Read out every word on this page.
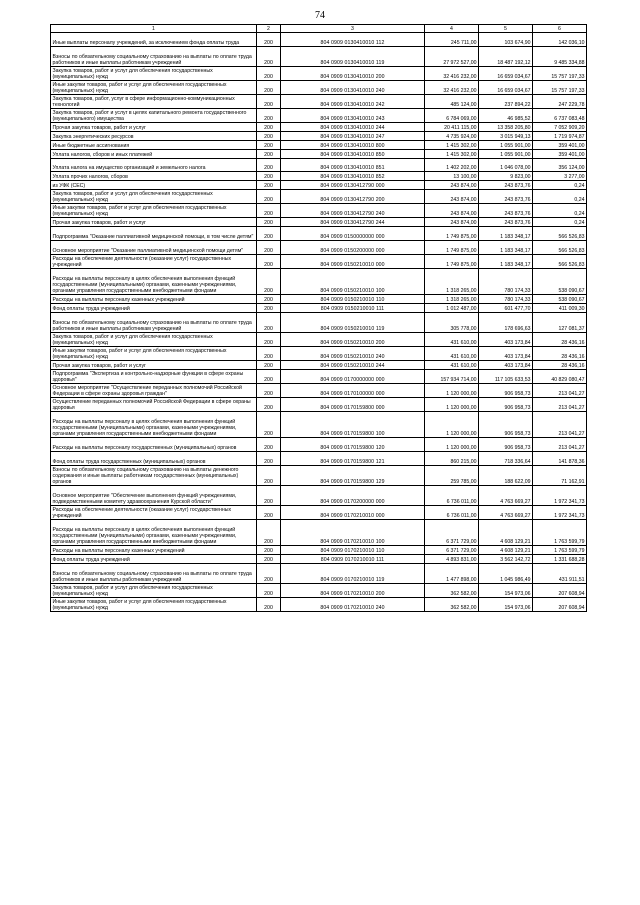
74
1	2	3	4	5	6
Иные выплаты персоналу учреждений, за исключением фонда оплаты труда	200	804 0909 0130410010 112	245 711,00	103 674,90	142 036,10
Взносы по обязательному социальному страхованию на выплаты по оплате труда работников и иные выплаты работникам учреждений	200	804 0909 0130410010 119	27 972 527,00	18 487 192,12	9 485 334,88
Закупка товаров, работ и услуг для обеспечения государственных (муниципальных) нужд	200	804 0909 0130410010 200	32 416 232,00	16 659 034,67	15 757 197,33
Иные закупки товаров, работ и услуг для обеспечения государственных (муниципальных) нужд	200	804 0909 0130410010 240	32 416 232,00	16 659 034,67	15 757 197,33
Закупка товаров, работ, услуг в сфере информационно-коммуникационных технологий	200	804 0909 0130410010 242	485 124,00	237 894,22	247 229,78
Закупка товаров, работ и услуг в целях капитального ремонта государственного (муниципального) имущества	200	804 0909 0130410010 243	6 784 069,00	46 985,52	6 737 083,48
Прочая закупка товаров, работ и услуг	200	804 0909 0130410010 244	20 411 115,00	13 358 205,80	7 052 909,20
Закупка энергетических ресурсов	200	804 0909 0130410010 247	4 735 924,00	3 015 949,13	1 719 974,87
Иные бюджетные ассигнования	200	804 0909 0130410010 800	1 415 302,00	1 055 901,00	359 401,00
Уплата налогов, сборов и иных платежей	200	804 0909 0130410010 850	1 415 302,00	1 055 901,00	359 401,00
Уплата налога на имущество организаций и земельного налога	200	804 0909 0130410010 851	1 402 202,00	1 046 078,00	356 124,00
Уплата прочих налогов, сборов	200	804 0909 0130410010 852	13 100,00	9 823,00	3 277,00
из УФК (СЕС)	200	804 0909 0130412790 000	243 874,00	243 873,76	0,24
Закупка товаров, работ и услуг для обеспечения государственных (муниципальных) нужд	200	804 0909 0130412790 200	243 874,00	243 873,76	0,24
Иные закупки товаров, работ и услуг для обеспечения государственных (муниципальных) нужд	200	804 0909 0130412790 240	243 874,00	243 873,76	0,24
Прочая закупка товаров, работ и услуг	200	804 0909 0130412790 244	243 874,00	243 873,76	0,24
Подпрограмма "Оказание паллиативной медицинской помощи, в том числе детям"	200	804 0909 0150000000 000	1 749 875,00	1 183 348,17	566 526,83
Основное мероприятие "Оказание паллиативной медицинской помощи детям"	200	804 0909 0150200000 000	1 749 875,00	1 183 348,17	566 526,83
Расходы на обеспечение деятельности (оказание услуг) государственных учреждений	200	804 0909 0150210010 000	1 749 875,00	1 183 348,17	566 526,83
Расходы на выплаты персоналу в целях обеспечения выполнения функций государственными (муниципальными) органами, казенными учреждениями, органами управления государственными внебюджетными фондами	200	804 0909 0150210010 100	1 318 265,00	780 174,33	538 090,67
Расходы на выплаты персоналу казенных учреждений	200	804 0909 0150210010 110	1 318 265,00	780 174,33	538 090,67
Фонд оплаты труда учреждений	200	804 0909 0150210010 111	1 012 487,00	601 477,70	411 009,30
Взносы по обязательному социальному страхованию на выплаты по оплате труда работников и иные выплаты работникам учреждений	200	804 0909 0150210010 119	305 778,00	178 696,63	127 081,37
Закупка товаров, работ и услуг для обеспечения государственных (муниципальных) нужд	200	804 0909 0150210010 200	431 610,00	403 173,84	28 436,16
Иные закупки товаров, работ и услуг для обеспечения государственных (муниципальных) нужд	200	804 0909 0150210010 240	431 610,00	403 173,84	28 436,16
Прочая закупка товаров, работ и услуг	200	804 0909 0150210010 244	431 610,00	403 173,84	28 436,16
Подпрограмма "Экспертиза и контрольно-надзорные функции в сфере охраны здоровья"	200	804 0909 0170000000 000	157 934 714,00	117 105 633,53	40 829 080,47
Основное мероприятие "Осуществление переданных полномочий Российской Федерации в сфере охраны здоровья граждан"	200	804 0909 0170100000 000	1 120 000,00	906 958,73	213 041,27
Осуществление переданных полномочий Российской Федерации в сфере охраны здоровья	200	804 0909 0170159800 000	1 120 000,00	906 958,73	213 041,27
Расходы на выплаты персоналу в целях обеспечения выполнения функций государственными (муниципальными) органами, казенными учреждениями, органами управления государственными внебюджетными фондами	200	804 0909 0170159800 100	1 120 000,00	906 958,73	213 041,27
Расходы на выплаты персоналу государственных (муниципальных) органов	200	804 0909 0170159800 120	1 120 000,00	906 958,73	213 041,27
Фонд оплаты труда государственных (муниципальных) органов	200	804 0909 0170159800 121	860 215,00	718 336,64	141 878,36
Взносы по обязательному социальному страхованию на выплаты денежного содержания и иные выплаты работникам государственных (муниципальных) органов	200	804 0909 0170159800 129	259 785,00	188 622,09	71 162,91
Основное мероприятие "Обеспечение выполнения функций учреждениями, подведомственными комитету здравоохранения Курской области"	200	804 0909 0170200000 000	6 736 011,00	4 763 669,27	1 972 341,73
Расходы на обеспечение деятельности (оказание услуг) государственных учреждений	200	804 0909 0170210010 000	6 736 011,00	4 763 669,27	1 972 341,73
Расходы на выплаты персоналу в целях обеспечения выполнения функций государственными (муниципальными) органами, казенными учреждениями, органами управления государственными внебюджетными фондами	200	804 0909 0170210010 100	6 371 729,00	4 608 129,21	1 763 599,79
Расходы на выплаты персоналу казенных учреждений	200	804 0909 0170210010 110	6 371 729,00	4 608 129,21	1 763 599,79
Фонд оплаты труда учреждений	200	804 0909 0170210010 111	4 893 831,00	3 562 142,72	1 331 688,28
Взносы по обязательному социальному страхованию на выплаты по оплате труда работников и иные выплаты работникам учреждений	200	804 0909 0170210010 119	1 477 898,00	1 045 986,49	431 911,51
Закупка товаров, работ и услуг для обеспечения государственных (муниципальных) нужд	200	804 0909 0170210010 200	362 582,00	154 973,06	207 608,94
Иные закупки товаров, работ и услуг для обеспечения государственных (муниципальных) нужд	200	804 0909 0170210010 240	362 582,00	154 973,06	207 608,94
